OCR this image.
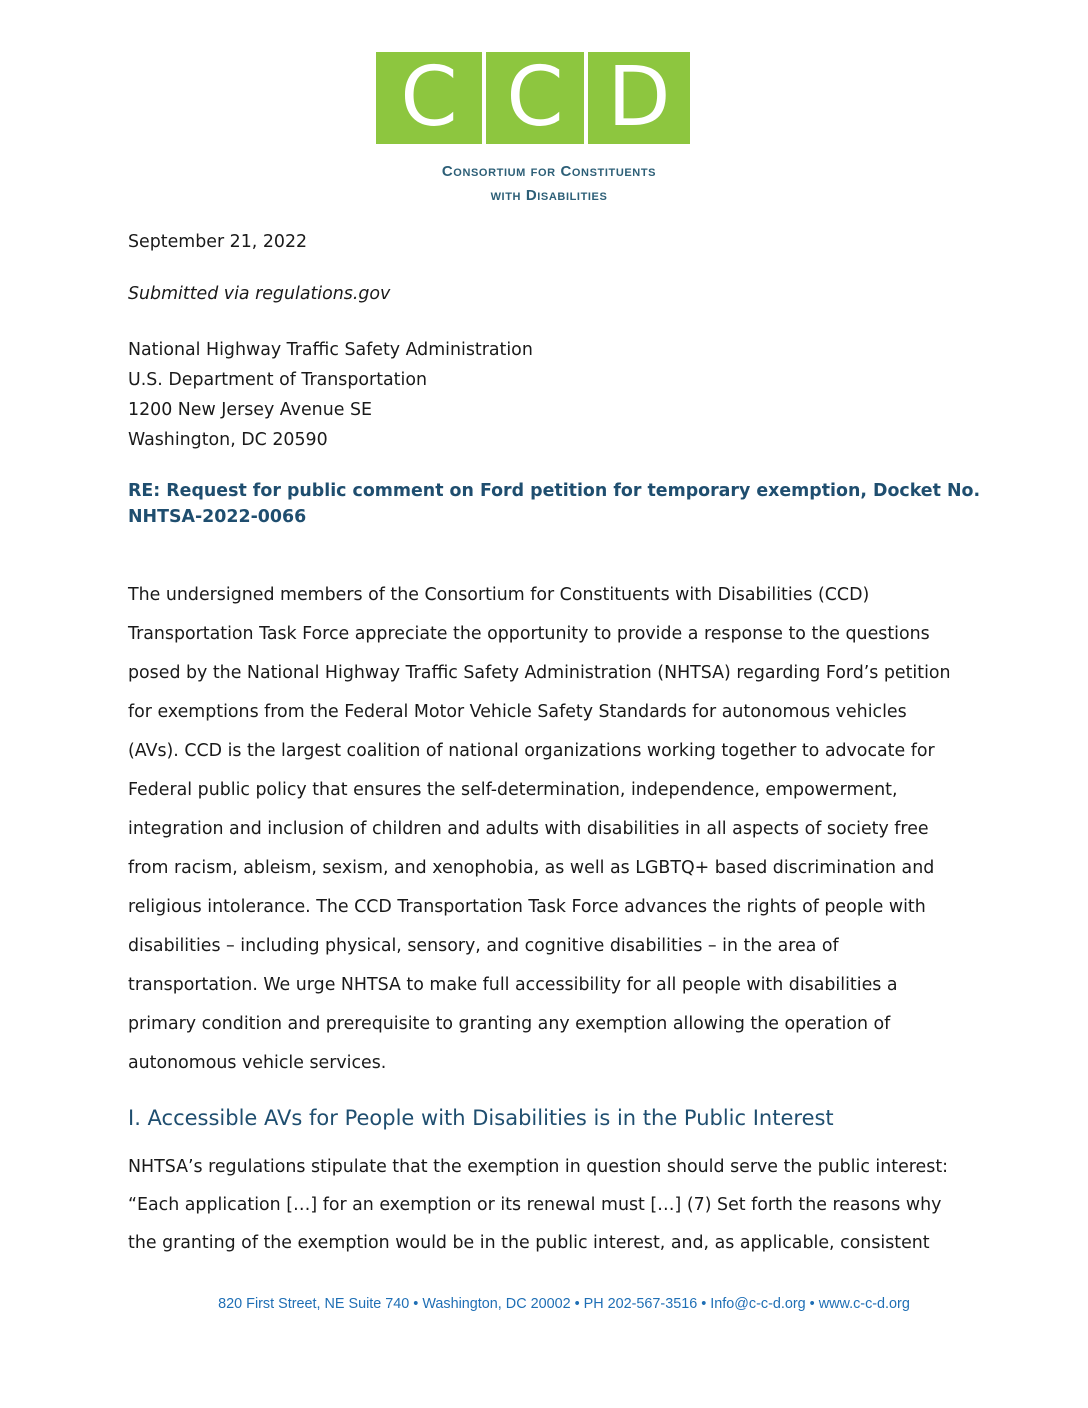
C C D
Consortium for Constituents
with Disabilities
September 21, 2022
Submitted via regulations.gov
National Highway Traffic Safety Administration
U.S. Department of Transportation
1200 New Jersey Avenue SE
Washington, DC 20590
RE: Request for public comment on Ford petition for temporary exemption, Docket No.
NHTSA-2022-0066
The undersigned members of the Consortium for Constituents with Disabilities (CCD)
Transportation Task Force appreciate the opportunity to provide a response to the questions
posed by the National Highway Traffic Safety Administration (NHTSA) regarding Ford’s petition
for exemptions from the Federal Motor Vehicle Safety Standards for autonomous vehicles
(AVs). CCD is the largest coalition of national organizations working together to advocate for
Federal public policy that ensures the self-determination, independence, empowerment,
integration and inclusion of children and adults with disabilities in all aspects of society free
from racism, ableism, sexism, and xenophobia, as well as LGBTQ+ based discrimination and
religious intolerance. The CCD Transportation Task Force advances the rights of people with
disabilities – including physical, sensory, and cognitive disabilities – in the area of
transportation. We urge NHTSA to make full accessibility for all people with disabilities a
primary condition and prerequisite to granting any exemption allowing the operation of
autonomous vehicle services.
I. Accessible AVs for People with Disabilities is in the Public Interest
NHTSA’s regulations stipulate that the exemption in question should serve the public interest:
“Each application […] for an exemption or its renewal must […] (7) Set forth the reasons why
the granting of the exemption would be in the public interest, and, as applicable, consistent
820 First Street, NE Suite 740 • Washington, DC 20002 • PH 202-567-3516 • Info@c-c-d.org • www.c-c-d.org
